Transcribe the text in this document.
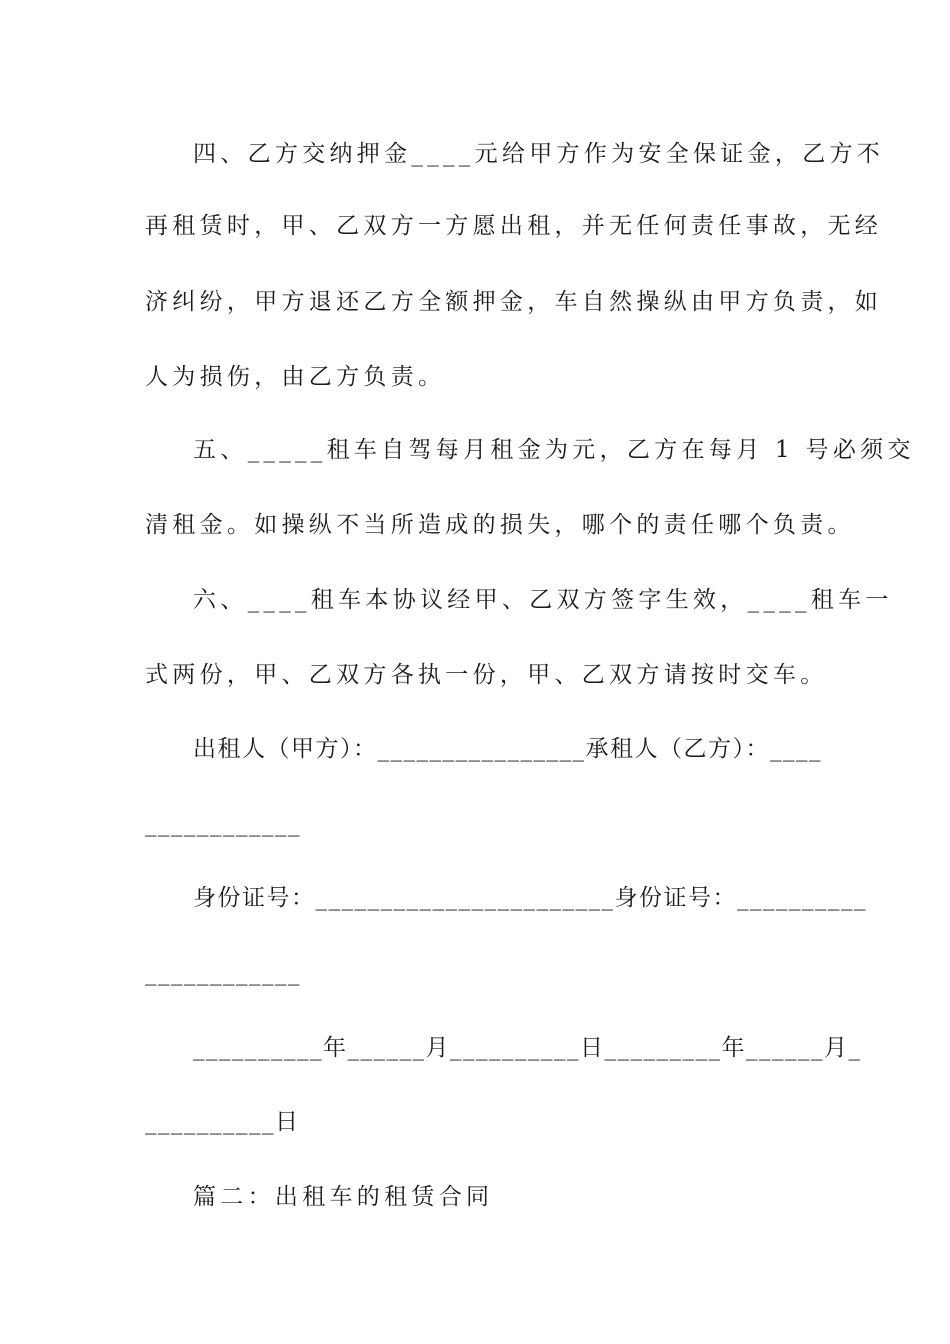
四、乙方交纳押金____元给甲方作为安全保证金，乙方不
再租赁时，甲、乙双方一方愿出租，并无任何责任事故，无经
济纠纷，甲方退还乙方全额押金，车自然操纵由甲方负责，如
人为损伤，由乙方负责。
五、_____租车自驾每月租金为元，乙方在每月 1 号必须交
清租金。如操纵不当所造成的损失，哪个的责任哪个负责。
六、____租车本协议经甲、乙双方签字生效，____租车一
式两份，甲、乙双方各执一份，甲、乙双方请按时交车。
出租人（甲方）：________________承租人（乙方）：____
____________
身份证号：_______________________身份证号：__________
____________
__________年______月__________日_________年______月_
__________日
篇二：出租车的租赁合同
